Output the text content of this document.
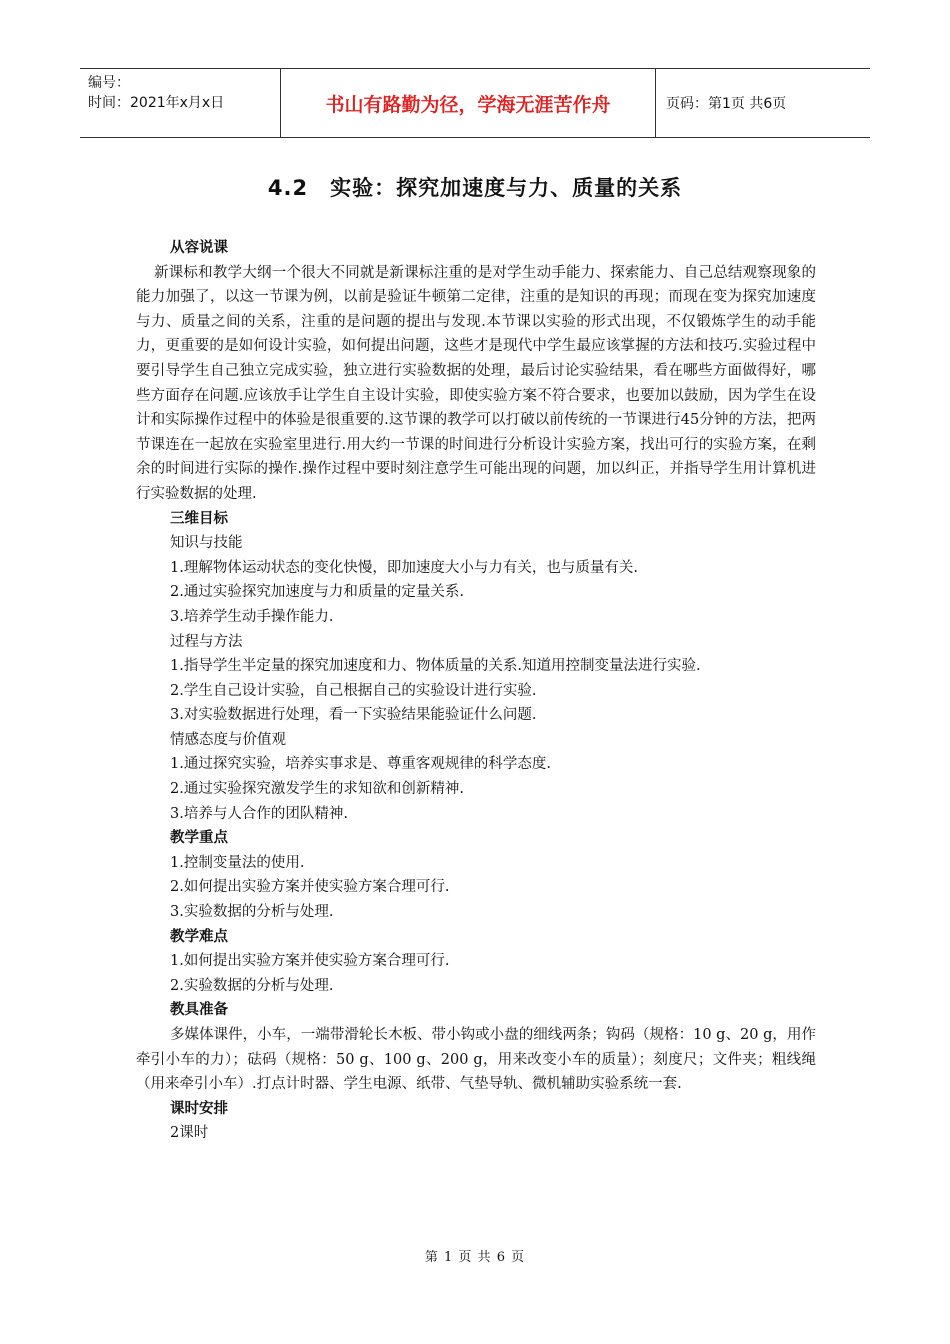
编号：
时间：2021年x月x日	书山有路勤为径，学海无涯苦作舟	页码：第1页 共6页
4.2　实验：探究加速度与力、质量的关系
从容说课
新课标和教学大纲一个很大不同就是新课标注重的是对学生动手能力、探索能力、自己总结观察现象的能力加强了，以这一节课为例，以前是验证牛顿第二定律，注重的是知识的再现；而现在变为探究加速度与力、质量之间的关系，注重的是问题的提出与发现.本节课以实验的形式出现，不仅锻炼学生的动手能力，更重要的是如何设计实验，如何提出问题，这些才是现代中学生最应该掌握的方法和技巧.实验过程中要引导学生自己独立完成实验，独立进行实验数据的处理，最后讨论实验结果，看在哪些方面做得好，哪些方面存在问题.应该放手让学生自主设计实验，即使实验方案不符合要求，也要加以鼓励，因为学生在设计和实际操作过程中的体验是很重要的.这节课的教学可以打破以前传统的一节课进行45分钟的方法，把两节课连在一起放在实验室里进行.用大约一节课的时间进行分析设计实验方案，找出可行的实验方案，在剩余的时间进行实际的操作.操作过程中要时刻注意学生可能出现的问题，加以纠正，并指导学生用计算机进行实验数据的处理.
三维目标
知识与技能
1.理解物体运动状态的变化快慢，即加速度大小与力有关，也与质量有关.
2.通过实验探究加速度与力和质量的定量关系.
3.培养学生动手操作能力.
过程与方法
1.指导学生半定量的探究加速度和力、物体质量的关系.知道用控制变量法进行实验.
2.学生自己设计实验，自己根据自己的实验设计进行实验.
3.对实验数据进行处理，看一下实验结果能验证什么问题.
情感态度与价值观
1.通过探究实验，培养实事求是、尊重客观规律的科学态度.
2.通过实验探究激发学生的求知欲和创新精神.
3.培养与人合作的团队精神.
教学重点
1.控制变量法的使用.
2.如何提出实验方案并使实验方案合理可行.
3.实验数据的分析与处理.
教学难点
1.如何提出实验方案并使实验方案合理可行.
2.实验数据的分析与处理.
教具准备
多媒体课件，小车，一端带滑轮长木板、带小钩或小盘的细线两条；钩码（规格：10 g、20 g，用作牵引小车的力）；砝码（规格：50 g、100 g、200 g，用来改变小车的质量）；刻度尺；文件夹；粗线绳（用来牵引小车）.打点计时器、学生电源、纸带、气垫导轨、微机辅助实验系统一套.
课时安排
2课时
第 1 页 共 6 页
